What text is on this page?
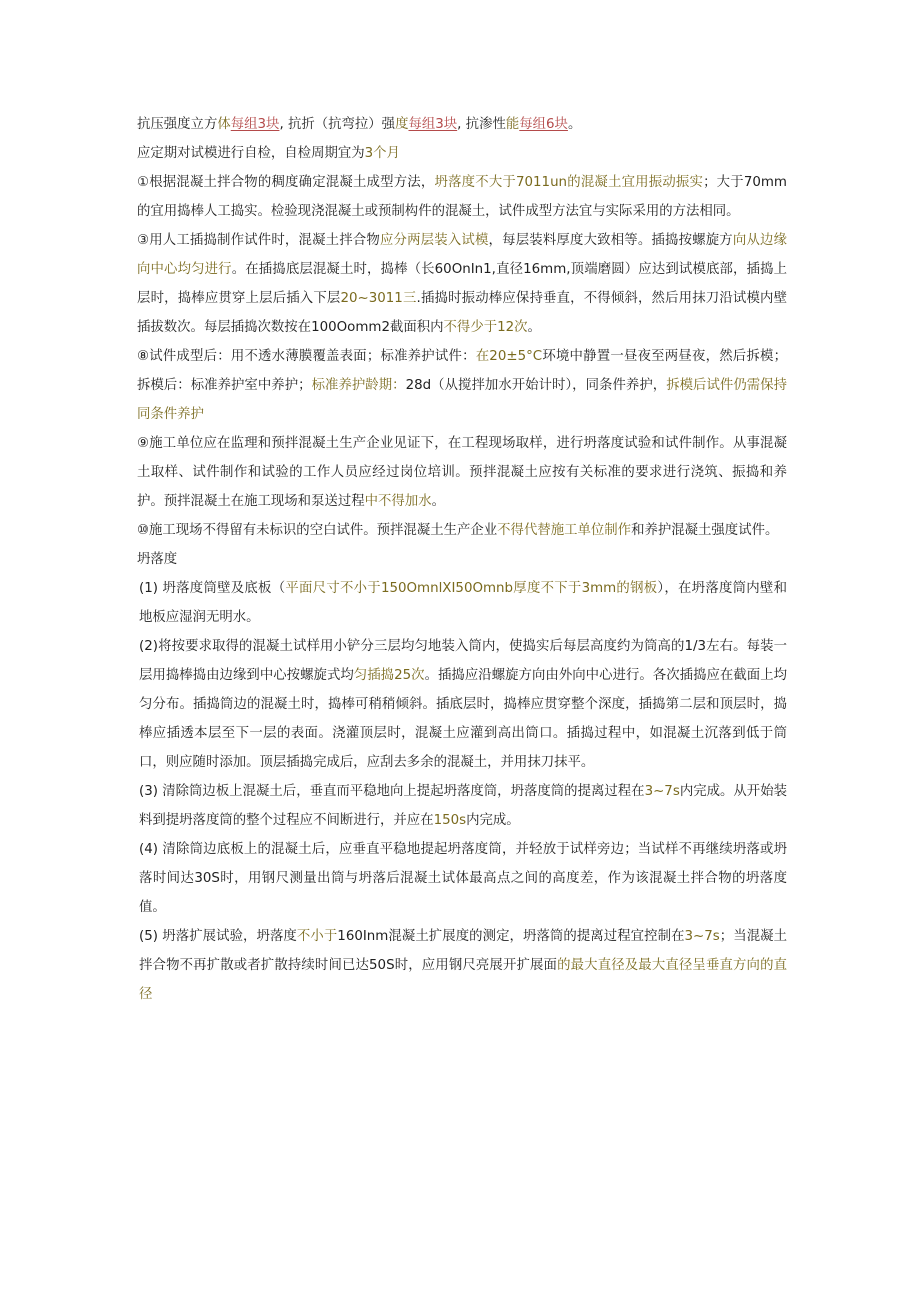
抗压强度立方体每组3块, 抗折（抗弯拉）强度每组3块, 抗渗性能每组6块。

应定期对试模进行自检，自检周期宜为3个月

①根据混凝土拌合物的稠度确定混凝土成型方法，坍落度不大于7011un的混凝土宜用振动振实；大于70mm的宜用捣棒人工捣实。检验现浇混凝土或预制构件的混凝土，试件成型方法宜与实际采用的方法相同。

③用人工插捣制作试件时，混凝土拌合物应分两层装入试模，每层装料厚度大致相等。插捣按螺旋方向从边缘向中心均匀进行。在插捣底层混凝土时，捣棒（长60OnIn1,直径16mm,顶端磨圆）应达到试模底部，插捣上层时，捣棒应贯穿上层后插入下层20~3011三.插捣时振动棒应保持垂直，不得倾斜，然后用抹刀沿试模内壁插拔数次。每层插捣次数按在100Oomm2截面积内不得少于12次。

⑧试件成型后：用不透水薄膜覆盖表面；标准养护试件：在20±5°C环境中静置一昼夜至两昼夜，然后拆模；拆模后：标准养护室中养护；标准养护龄期：28d（从搅拌加水开始计时），同条件养护，拆模后试件仍需保持同条件养护

⑨施工单位应在监理和预拌混凝土生产企业见证下，在工程现场取样，进行坍落度试验和试件制作。从事混凝土取样、试件制作和试验的工作人员应经过岗位培训。预拌混凝土应按有关标准的要求进行浇筑、振捣和养护。预拌混凝土在施工现场和泵送过程中不得加水。

⑩施工现场不得留有未标识的空白试件。预拌混凝土生产企业不得代替施工单位制作和养护混凝土强度试件。

坍落度

(1) 坍落度筒壁及底板（平面尺寸不小于150OmnlXI50Omnb厚度不下于3mm的钢板），在坍落度筒内壁和地板应湿润无明水。

(2)将按要求取得的混凝土试样用小铲分三层均匀地装入筒内，使捣实后每层高度约为筒高的1/3左右。每装一层用捣棒捣由边缘到中心按螺旋式均匀插捣25次。插捣应沿螺旋方向由外向中心进行。各次插捣应在截面上均匀分布。插捣筒边的混凝土时，捣棒可稍稍倾斜。插底层时，捣棒应贯穿整个深度，插捣第二层和顶层时，捣棒应插透本层至下一层的表面。浇灌顶层时，混凝土应灌到高出筒口。插捣过程中，如混凝土沉落到低于筒口，则应随时添加。顶层插捣完成后，应刮去多余的混凝土，并用抹刀抹平。

(3) 清除筒边板上混凝土后，垂直而平稳地向上提起坍落度筒，坍落度筒的提离过程在3~7s内完成。从开始装料到提坍落度筒的整个过程应不间断进行，并应在150s内完成。

(4) 清除筒边底板上的混凝土后，应垂直平稳地提起坍落度筒，并轻放于试样旁边；当试样不再继续坍落或坍落时间达30S时，用钢尺测量出筒与坍落后混凝土试体最高点之间的高度差，作为该混凝土拌合物的坍落度值。

(5) 坍落扩展试验，坍落度不小于160Inm混凝土扩展度的测定，坍落筒的提离过程宜控制在3~7s；当混凝土拌合物不再扩散或者扩散持续时间已达50S时，应用钢尺亮展开扩展面的最大直径及最大直径呈垂直方向的直径
